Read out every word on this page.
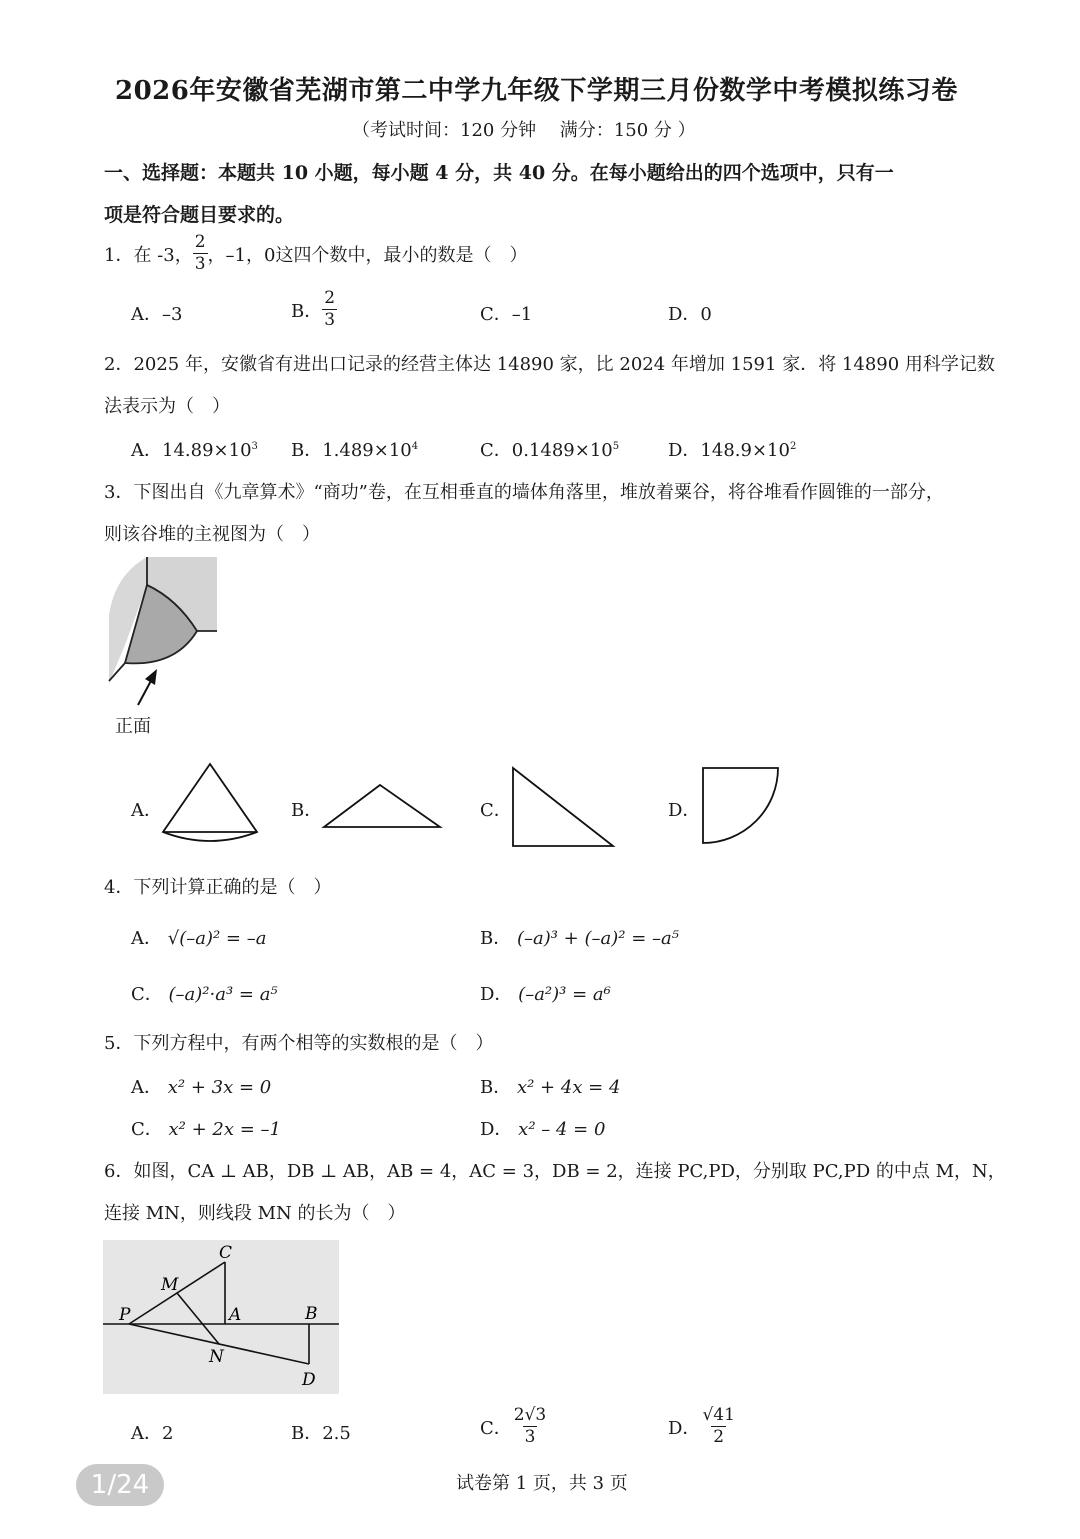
2026年安徽省芜湖市第二中学九年级下学期三月份数学中考模拟练习卷
（考试时间：120 分钟　 满分：150 分 ）
一、选择题：本题共 10 小题，每小题 4 分，共 40 分。在每小题给出的四个选项中，只有一
项是符合题目要求的。
1．在 -3， $\frac{2}{3}$ ，–1，0这四个数中，最小的数是（　）
A．–3	B． $\frac{2}{3}$	C．–1	D．0
2．2025 年，安徽省有进出口记录的经营主体达 14890 家，比 2024 年增加 1591 家．将 14890 用科学记数
法表示为（　）
A．$14.89\times 10^3$ B．$1.489\times 10^4$	C．$0.1489\times 10^5$	D．$148.9\times 10^2$
3．下图出自《九章算术》“商功”卷，在互相垂直的墙体角落里，堆放着粟谷，将谷堆看作圆锥的一部分，
则该谷堆的主视图为（　）
正面
A．	B．	C．	D．
4．下列计算正确的是（　）
A． √(–a)² = –a	B． (–a)³ + (–a)² = –a⁵
C． (–a)²·a³ = a⁵	D． (–a²)³ = a⁶
5．下列方程中，有两个相等的实数根的是（　）
A． x² + 3x = 0	B． x² + 4x = 4
C． x² + 2x = –1	D． x² – 4 = 0
6．如图，CA ⊥ AB，DB ⊥ AB，AB = 4，AC = 3，DB = 2，连接 PC,PD，分别取 PC,PD 的中点 M，N，
连接 MN，则线段 MN 的长为（　）
C
M
P	A	B
N
D
A．2	B．2.5	C． $\frac{2√3}{3}$	D． $\frac{√41}{2}$
1/24	试卷第 1 页，共 3 页
